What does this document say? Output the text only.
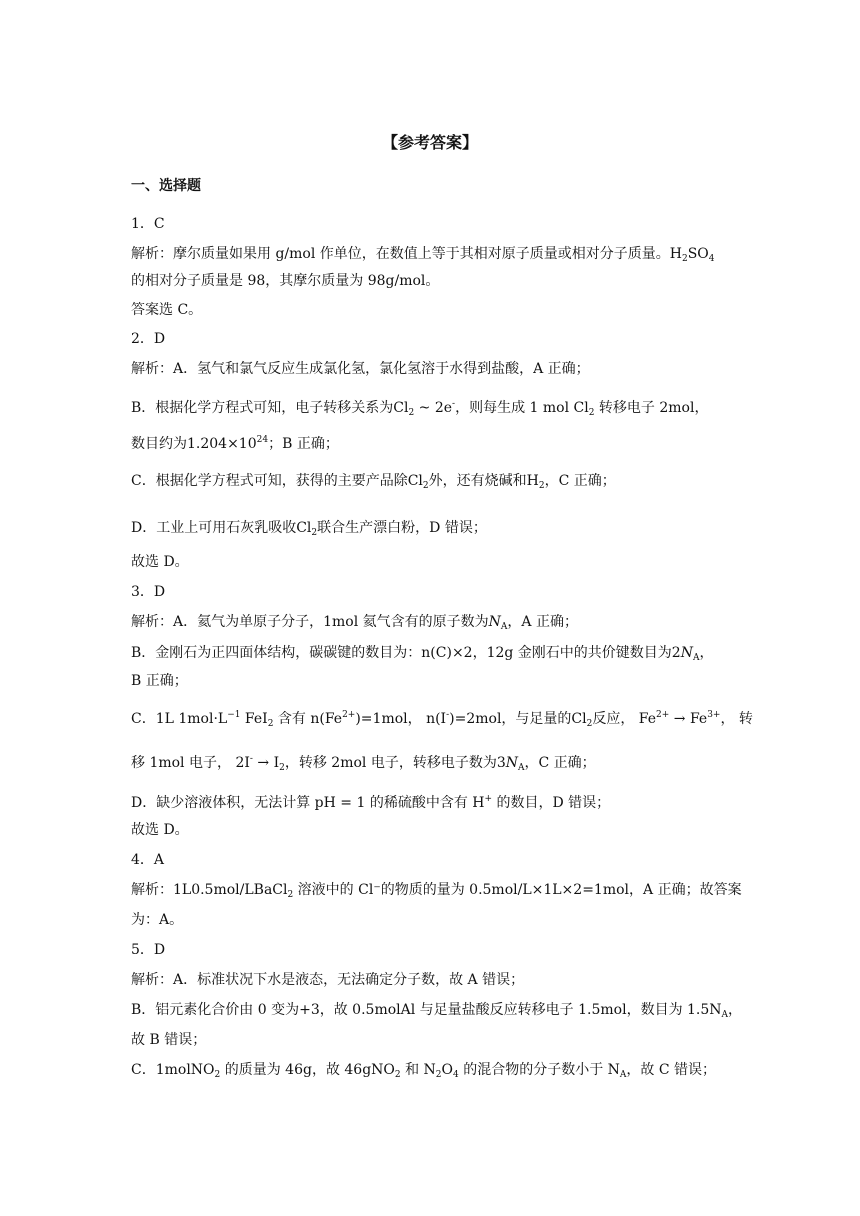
【参考答案】
一、选择题
1．C
解析：摩尔质量如果用 g/mol 作单位，在数值上等于其相对原子质量或相对分子质量。$H_2SO_4$
的相对分子质量是 98，其摩尔质量为 98g/mol。
答案选 C。
2．D
解析：A．氢气和氯气反应生成氯化氢，氯化氢溶于水得到盐酸，A 正确；
B．根据化学方程式可知，电子转移关系为$Cl_2$ ~ 2e-，则每生成 1 mol $Cl_2$ 转移电子 2mol，
数目约为$1.204\times 10^{24}$；B 正确；
C．根据化学方程式可知，获得的主要产品除$Cl_2$外，还有烧碱和$H_2$，C 正确；
D．工业上可用石灰乳吸收$Cl_2$联合生产漂白粉，D 错误；
故选 D。
3．D
解析：A．氦气为单原子分子，1mol 氦气含有的原子数为$N_A$，A 正确；
B．金刚石为正四面体结构，碳碳键的数目为：n(C)×2，12g 金刚石中的共价键数目为$2N_A$，
B 正确；
C．1L $1mol\cdot L^{-1}$ FeI$_2$ 含有 $n(Fe^{2+})=1mol$， n(I-)=2mol，与足量的$Cl_2$反应， $Fe^{2+} \to Fe^{3+}$， 转
移 1mol 电子， $2I^- \to I_2$，转移 2mol 电子，转移电子数为$3N_A$，C 正确；
D．缺少溶液体积，无法计算 pH = 1 的稀硫酸中含有 H+ 的数目，D 错误；
故选 D。
4．A
解析：1L0.5mol/LBaCl$_2$ 溶液中的 Cl⁻的物质的量为 0.5mol/L×1L×2=1mol，A 正确；故答案
为：A。
5．D
解析：A．标准状况下水是液态，无法确定分子数，故 A 错误；
B．铝元素化合价由 0 变为+3，故 0.5molAl 与足量盐酸反应转移电子 1.5mol，数目为 $1.5N_A$，
故 B 错误；
C．1molNO$_2$ 的质量为 46g，故 46gNO$_2$ 和 $N_2O_4$ 的混合物的分子数小于 $N_A$，故 C 错误；
